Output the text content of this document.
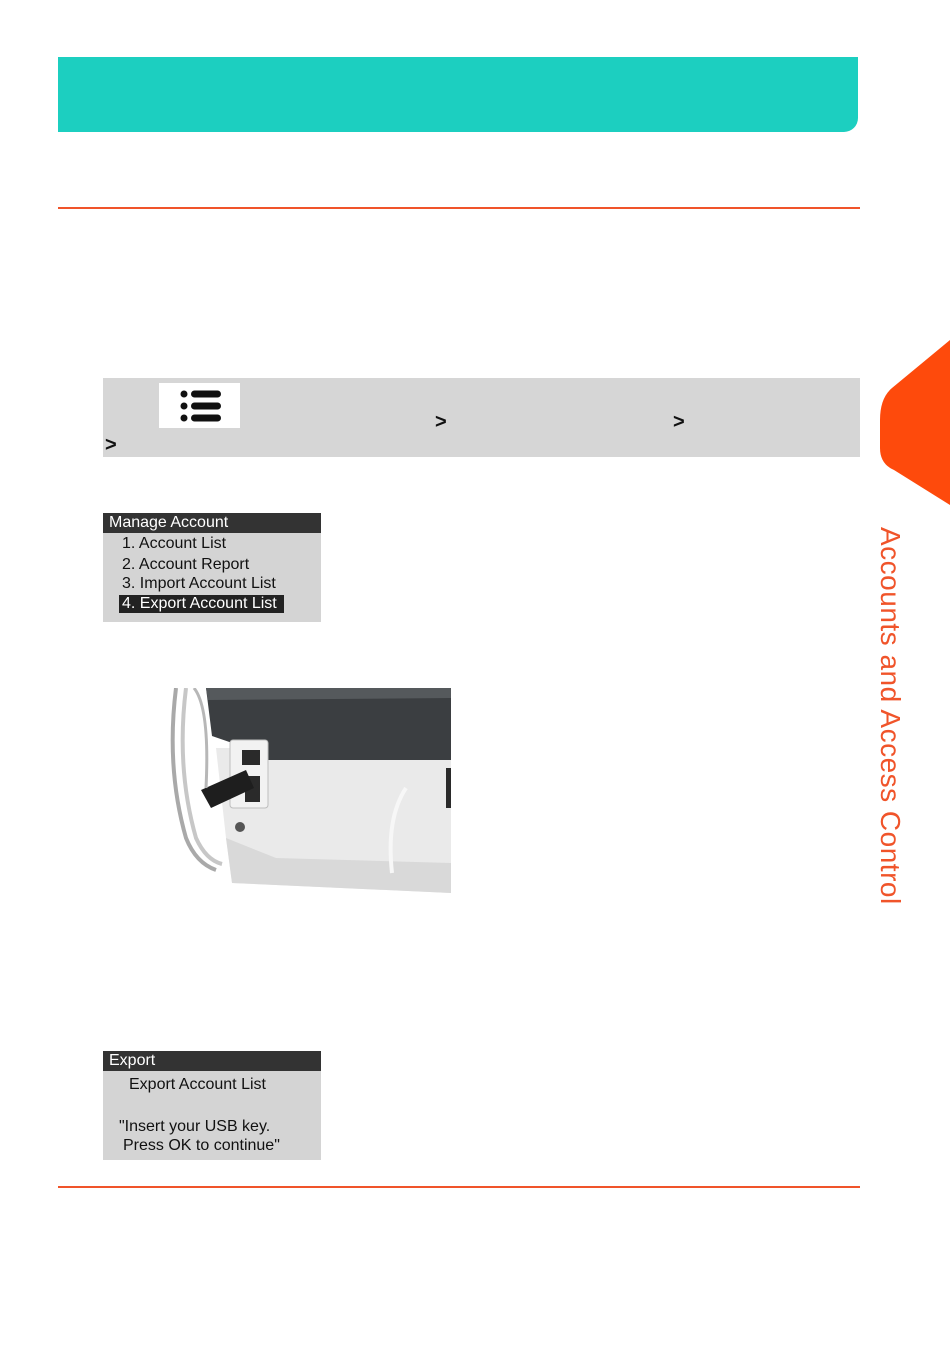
>	>
>
Manage Account
1. Account List
2. Account Report
3. Import Account List
4. Export Account List
Export
Export Account List
"Insert your USB key.
Press OK to continue"
Accounts and Access Control
